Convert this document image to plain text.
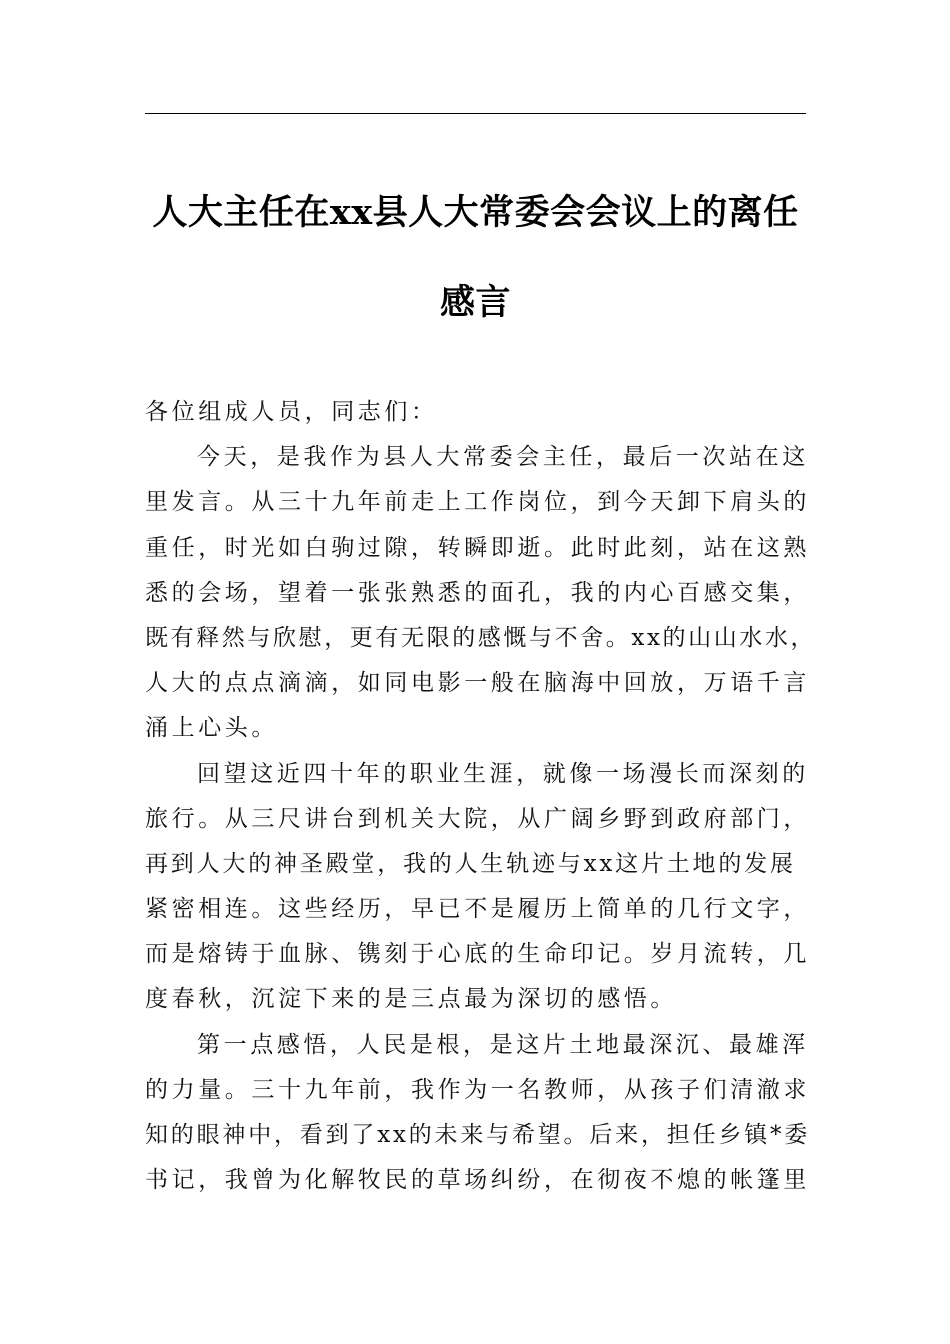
人大主任在xx县人大常委会会议上的离任
感言
各位组成人员，同志们：
今天，是我作为县人大常委会主任，最后一次站在这
里发言。从三十九年前走上工作岗位，到今天卸下肩头的
重任，时光如白驹过隙，转瞬即逝。此时此刻，站在这熟
悉的会场，望着一张张熟悉的面孔，我的内心百感交集，
既有释然与欣慰，更有无限的感慨与不舍。xx的山山水水，
人大的点点滴滴，如同电影一般在脑海中回放，万语千言
涌上心头。
回望这近四十年的职业生涯，就像一场漫长而深刻的
旅行。从三尺讲台到机关大院，从广阔乡野到政府部门，
再到人大的神圣殿堂，我的人生轨迹与xx这片土地的发展
紧密相连。这些经历，早已不是履历上简单的几行文字，
而是熔铸于血脉、镌刻于心底的生命印记。岁月流转，几
度春秋，沉淀下来的是三点最为深切的感悟。
第一点感悟，人民是根，是这片土地最深沉、最雄浑
的力量。三十九年前，我作为一名教师，从孩子们清澈求
知的眼神中，看到了xx的未来与希望。后来，担任乡镇*委
书记，我曾为化解牧民的草场纠纷，在彻夜不熄的帐篷里
